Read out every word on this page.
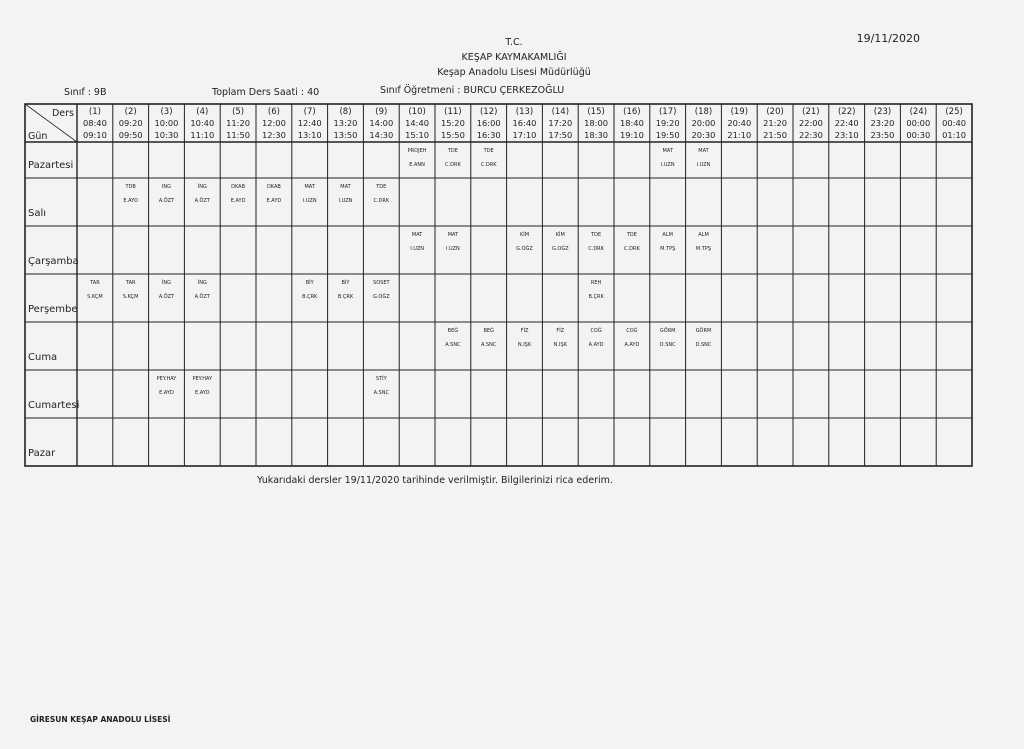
T.C.
KEŞAP KAYMAKAMLIĞI
Keşap Anadolu Lisesi Müdürlüğü
19/11/2020
Sınıf : 9B	Toplam Ders Saati : 40	Sınıf Öğretmeni : BURCU ÇERKEZOĞLU
Ders
Gün
(1)
08:40
09:10
(2)
09:20
09:50
(3)
10:00
10:30
(4)
10:40
11:10
(5)
11:20
11:50
(6)
12:00
12:30
(7)
12:40
13:10
(8)
13:20
13:50
(9)
14:00
14:30
(10)
14:40
15:10
(11)
15:20
15:50
(12)
16:00
16:30
(13)
16:40
17:10
(14)
17:20
17:50
(15)
18:00
18:30
(16)
18:40
19:10
(17)
19:20
19:50
(18)
20:00
20:30
(19)
20:40
21:10
(20)
21:20
21:50
(21)
22:00
22:30
(22)
22:40
23:10
(23)
23:20
23:50
(24)
00:00
00:30
(25)
00:40
01:10
Pazartesi
PROJEH
E.ANN
TDE
C.DRK
TDE
C.DRK
MAT
I.UZN
MAT
I.UZN
Salı
TDB
E.AYD
ING
A.ÖZT
İNG
A.ÖZT
DKAB
E.AYD
DKAB
E.AYD
MAT
I.UZN
MAT
I.UZN
TDE
C.DRK
Çarşamba
MAT
I.UZN
MAT
I.UZN
KİM
G.OĞZ
KİM
G.OĞZ
TDE
C.DRK
TDE
C.DRK
ALM
M.TPŞ
ALM
M.TPŞ
Perşembe
TAR
S.KÇM
TAR
S.KÇM
İNG
A.ÖZT
İNG
A.ÖZT
BİY
B.ÇRK
BİY
B.ÇRK
SOSET
G.OĞZ
REH
B.ÇRK
Cuma
BEĞ
A.SNC
BEĞ
A.SNC
FİZ
N.IŞK
FİZ
N.IŞK
COĞ
A.AYD
COĞ
A.AYD
GÖRM
D.SNC
GÖRM
D.SNC
Cumartesi
PEY.HAY
E.AYD
PEY.HAY
E.AYD
STİY
A.SNC
Pazar
Yukarıdaki dersler 19/11/2020 tarihinde verilmiştir. Bilgilerinizi rica ederim.
GİRESUN KEŞAP ANADOLU LİSESİ
